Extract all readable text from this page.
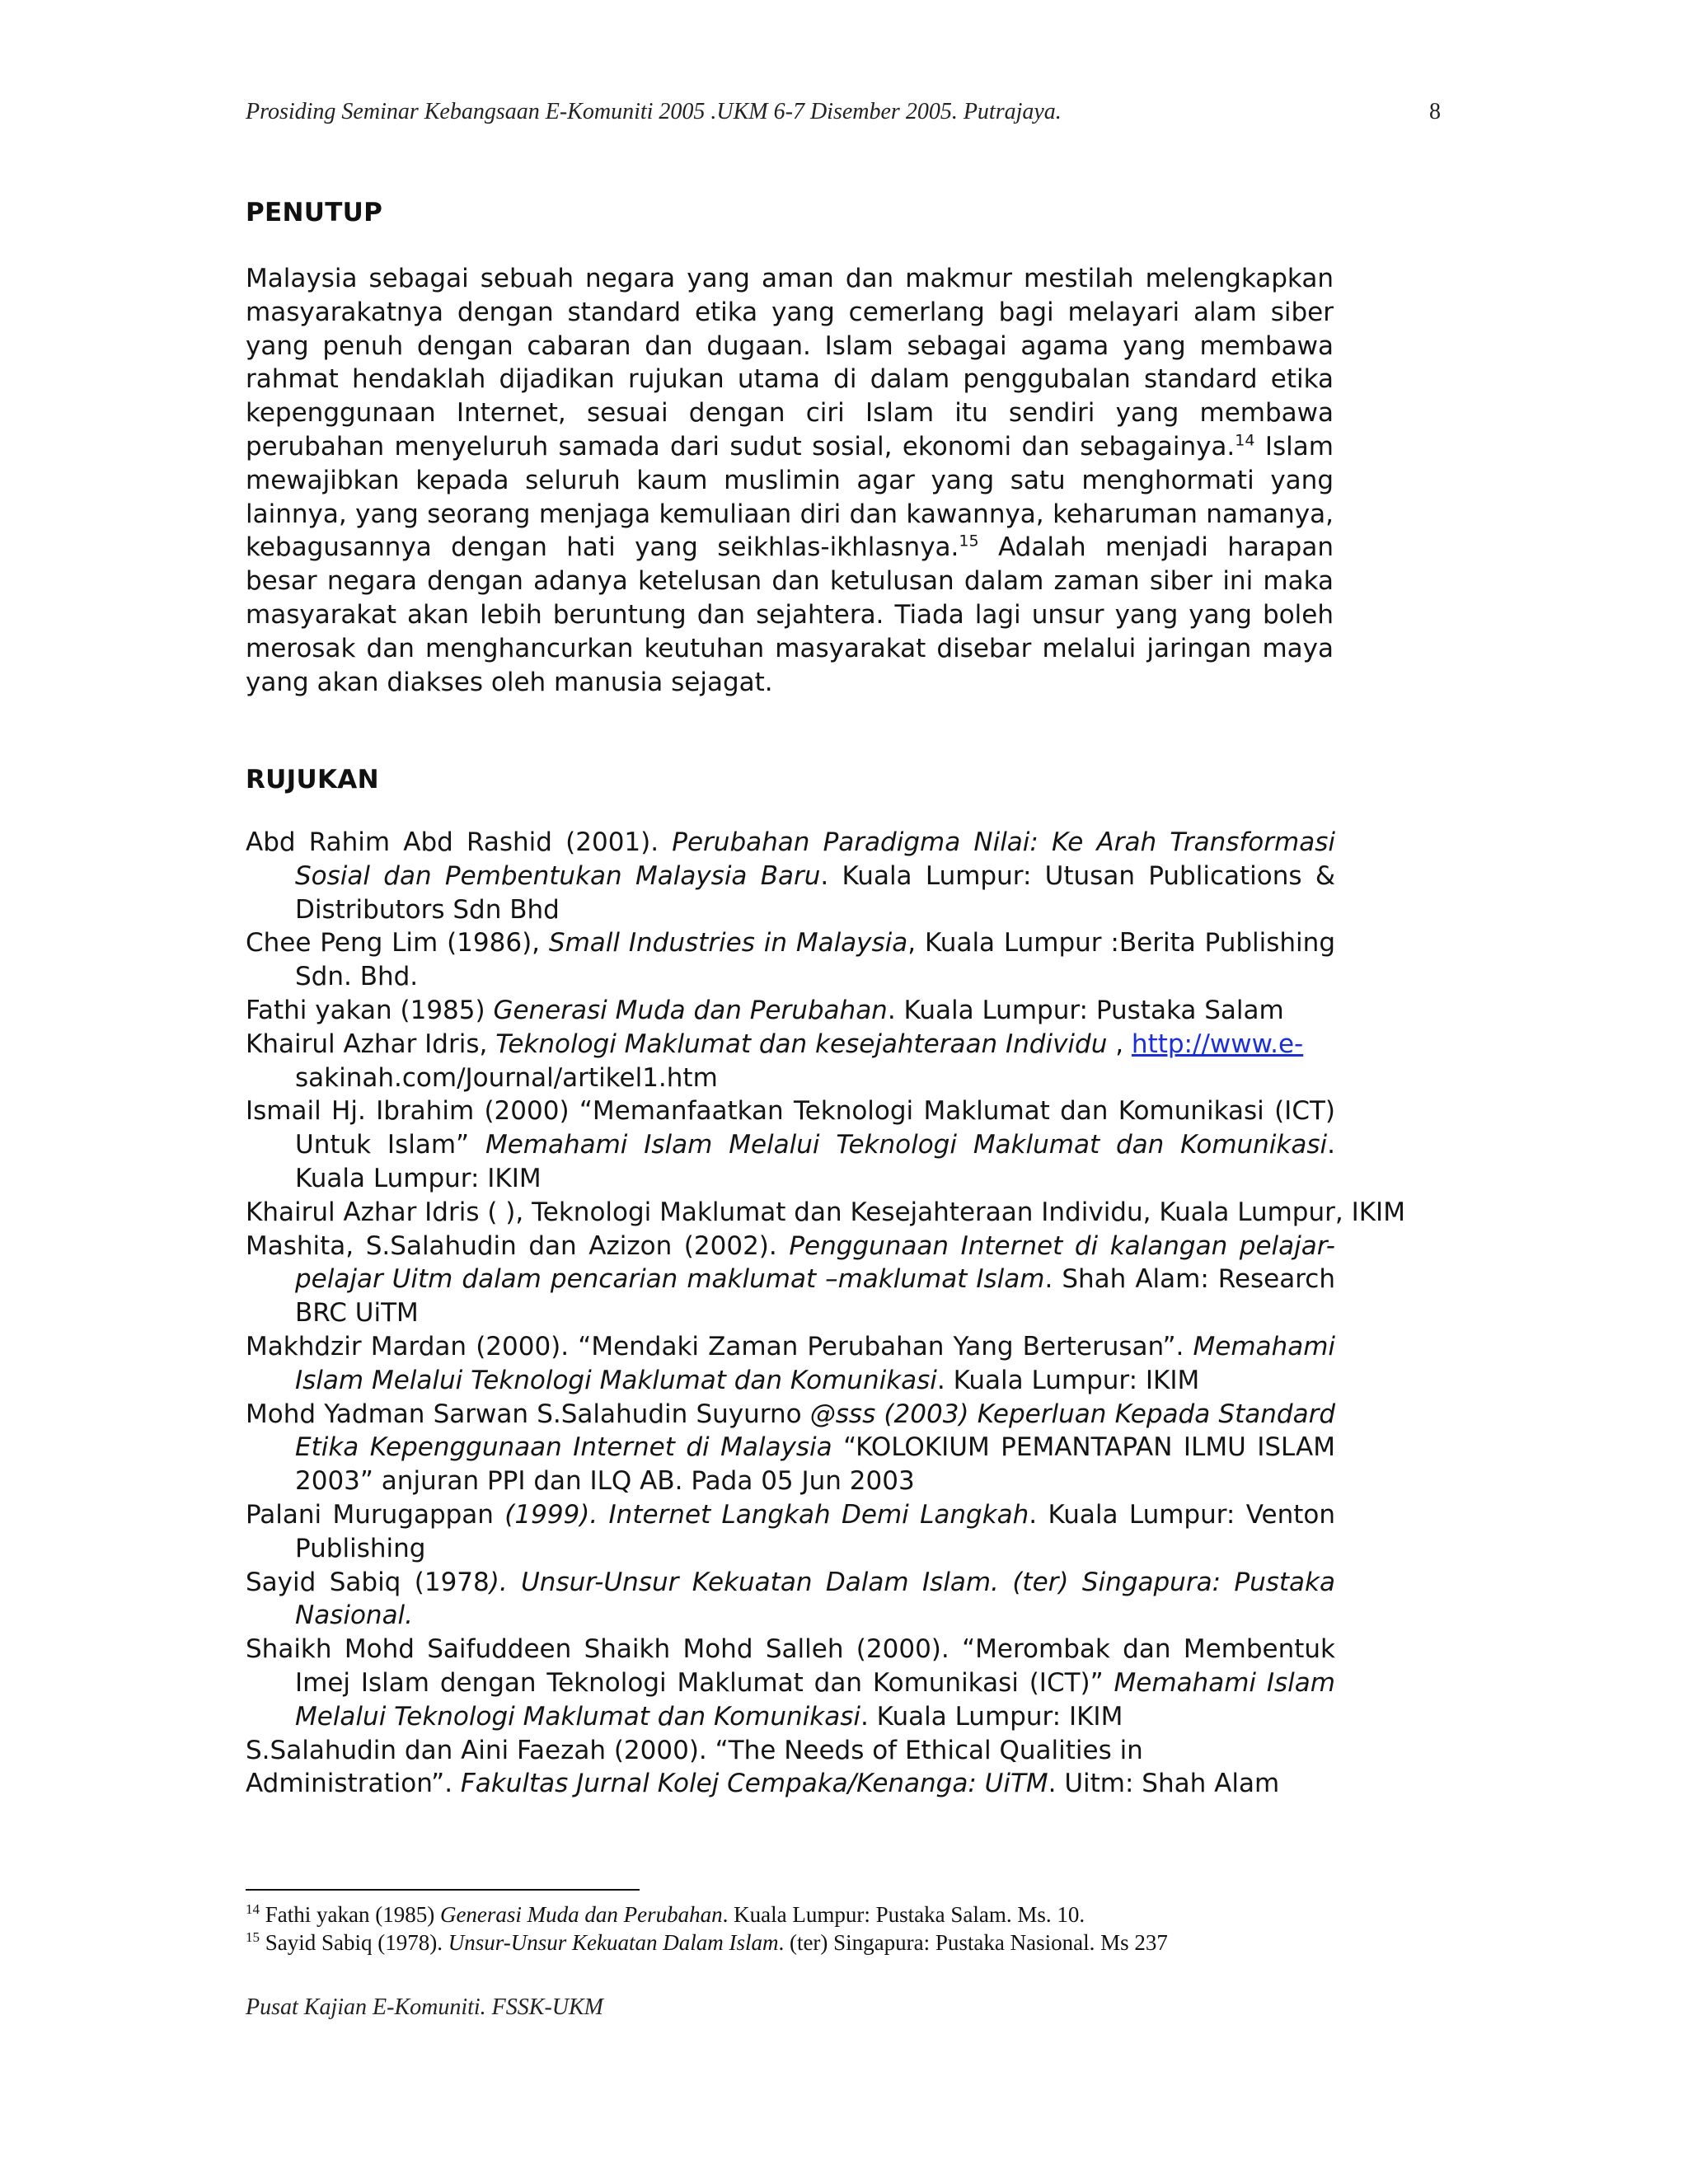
Prosiding Seminar Kebangsaan E-Komuniti 2005 .UKM 6-7 Disember 2005. Putrajaya.	8
PENUTUP
Malaysia sebagai sebuah negara yang aman dan makmur mestilah melengkapkan masyarakatnya dengan standard etika yang cemerlang bagi melayari alam siber yang penuh dengan cabaran dan dugaan. Islam sebagai agama yang membawa rahmat hendaklah dijadikan rujukan utama di dalam penggubalan standard etika kepenggunaan Internet, sesuai dengan ciri Islam itu sendiri yang membawa perubahan menyeluruh samada dari sudut sosial, ekonomi dan sebagainya.$^{14}$ Islam mewajibkan kepada seluruh kaum muslimin agar yang satu menghormati yang lainnya, yang seorang menjaga kemuliaan diri dan kawannya, keharuman namanya, kebagusannya dengan hati yang seikhlas-ikhlasnya.$^{15}$ Adalah menjadi harapan besar negara dengan adanya ketelusan dan ketulusan dalam zaman siber ini maka masyarakat akan lebih beruntung dan sejahtera. Tiada lagi unsur yang yang boleh merosak dan menghancurkan keutuhan masyarakat disebar melalui jaringan maya yang akan diakses oleh manusia sejagat.
RUJUKAN

Abd Rahim Abd Rashid (2001). Perubahan Paradigma Nilai: Ke Arah Transformasi Sosial dan Pembentukan Malaysia Baru. Kuala Lumpur: Utusan Publications & Distributors Sdn Bhd

Chee Peng Lim (1986), Small Industries in Malaysia, Kuala Lumpur :Berita Publishing Sdn. Bhd.

Fathi yakan (1985) Generasi Muda dan Perubahan. Kuala Lumpur: Pustaka Salam

Khairul Azhar Idris, Teknologi Maklumat dan kesejahteraan Individu , http://www.e-
sakinah.com/Journal/artikel1.htm

Ismail Hj. Ibrahim (2000) “Memanfaatkan Teknologi Maklumat dan Komunikasi (ICT) Untuk Islam” Memahami Islam Melalui Teknologi Maklumat dan Komunikasi. Kuala Lumpur: IKIM

Khairul Azhar Idris ( ), Teknologi Maklumat dan Kesejahteraan Individu, Kuala Lumpur, IKIM

Mashita, S.Salahudin dan Azizon (2002). Penggunaan Internet di kalangan pelajar-pelajar Uitm dalam pencarian maklumat –maklumat Islam. Shah Alam: Research BRC UiTM

Makhdzir Mardan (2000). “Mendaki Zaman Perubahan Yang Berterusan”. Memahami Islam Melalui Teknologi Maklumat dan Komunikasi. Kuala Lumpur: IKIM

Mohd Yadman Sarwan S.Salahudin Suyurno @sss (2003) Keperluan Kepada Standard Etika Kepenggunaan Internet di Malaysia “KOLOKIUM PEMANTAPAN ILMU ISLAM 2003” anjuran PPI dan ILQ AB. Pada 05 Jun 2003

Palani Murugappan (1999). Internet Langkah Demi Langkah. Kuala Lumpur: Venton Publishing

Sayid Sabiq (1978). Unsur-Unsur Kekuatan Dalam Islam. (ter) Singapura: Pustaka Nasional.

Shaikh Mohd Saifuddeen Shaikh Mohd Salleh (2000). “Merombak dan Membentuk Imej Islam dengan Teknologi Maklumat dan Komunikasi (ICT)” Memahami Islam Melalui Teknologi Maklumat dan Komunikasi. Kuala Lumpur: IKIM

S.Salahudin dan Aini Faezah (2000). “The Needs of Ethical Qualities in

Administration”. Fakultas Jurnal Kolej Cempaka/Kenanga: UiTM. Uitm: Shah Alam

$^{14}$ Fathi yakan (1985) Generasi Muda dan Perubahan. Kuala Lumpur: Pustaka Salam. Ms. 10.
$^{15}$ Sayid Sabiq (1978). Unsur-Unsur Kekuatan Dalam Islam. (ter) Singapura: Pustaka Nasional. Ms 237
Pusat Kajian E-Komuniti. FSSK-UKM
